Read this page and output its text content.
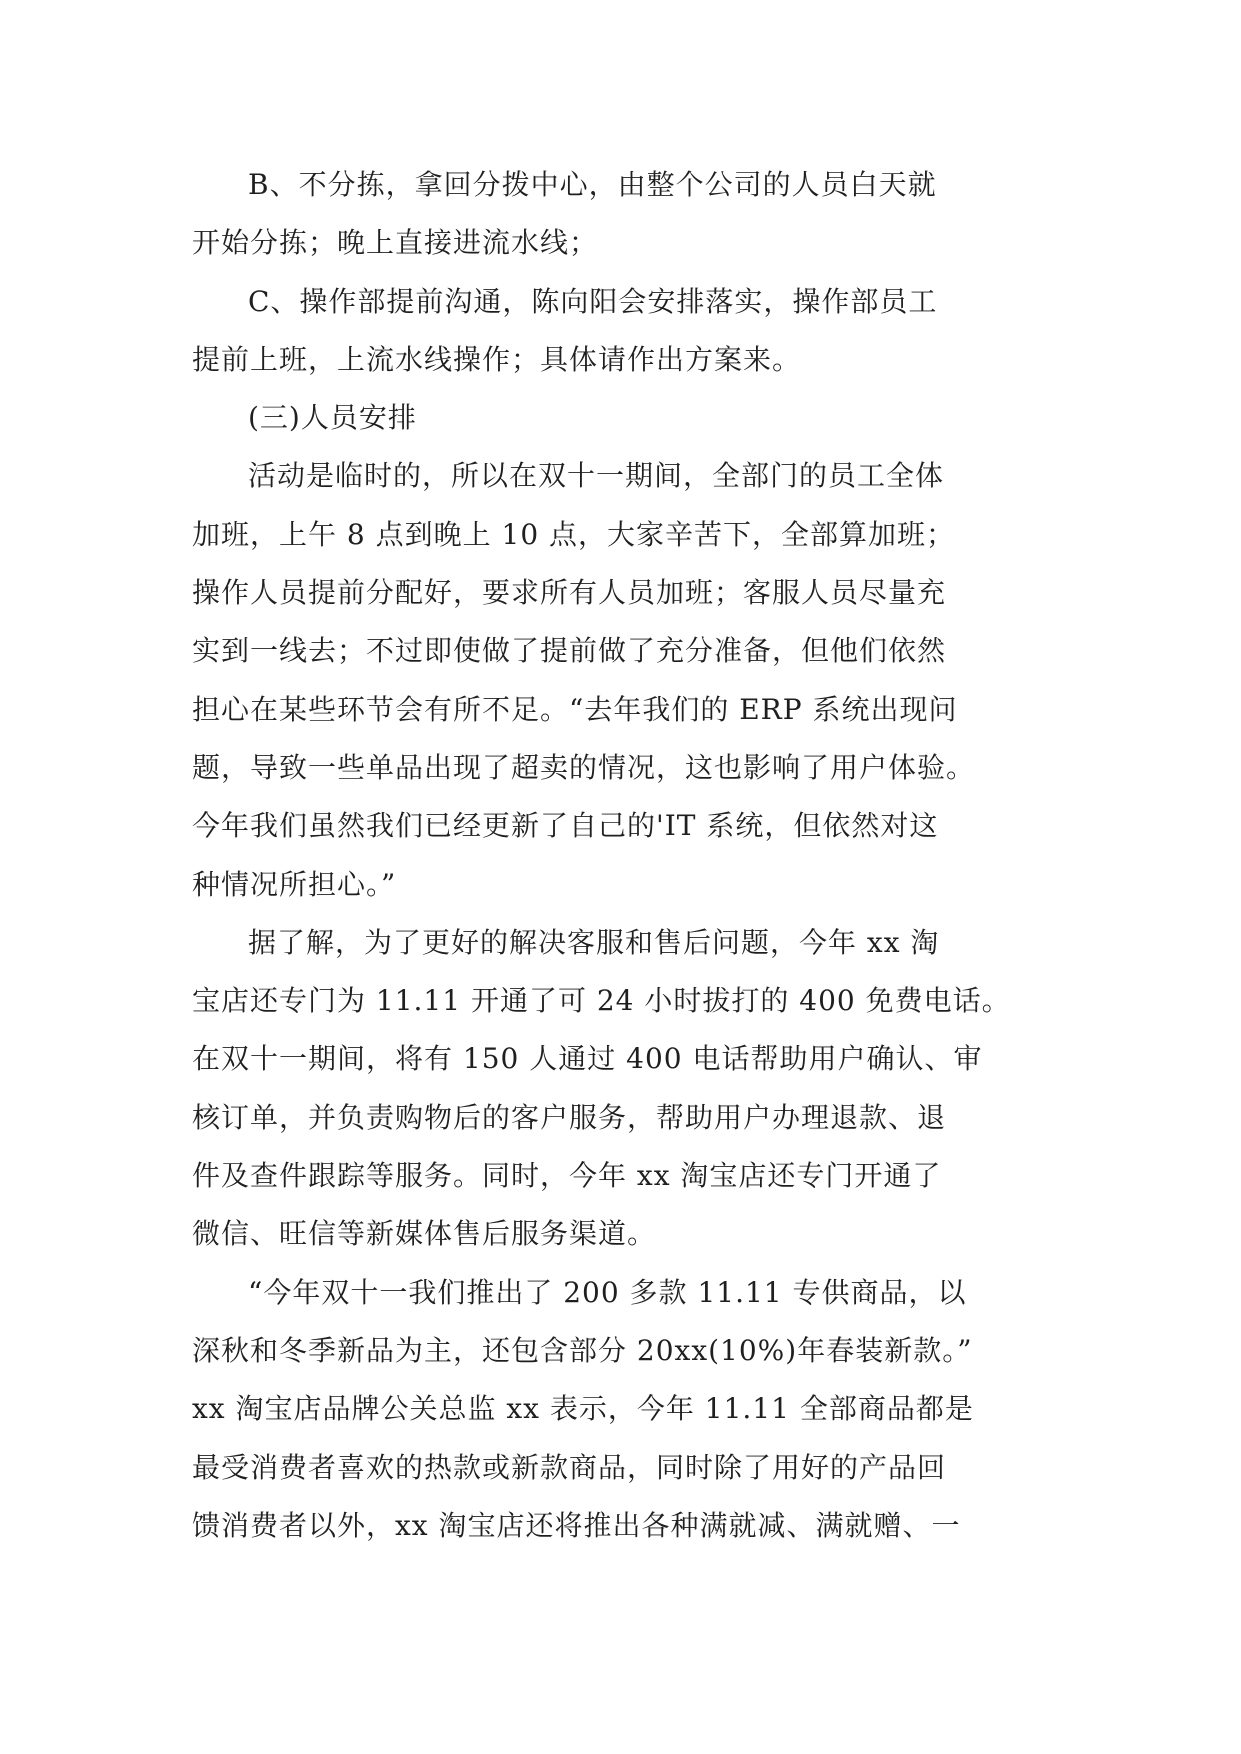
B、不分拣，拿回分拨中心，由整个公司的人员白天就
开始分拣；晚上直接进流水线；

C、操作部提前沟通，陈向阳会安排落实，操作部员工
提前上班，上流水线操作；具体请作出方案来。

(三)人员安排

活动是临时的，所以在双十一期间，全部门的员工全体
加班，上午 8 点到晚上 10 点，大家辛苦下，全部算加班；
操作人员提前分配好，要求所有人员加班；客服人员尽量充
实到一线去；不过即使做了提前做了充分准备，但他们依然
担心在某些环节会有所不足。“去年我们的 ERP 系统出现问
题，导致一些单品出现了超卖的情况，这也影响了用户体验。
今年我们虽然我们已经更新了自己的'IT 系统，但依然对这
种情况所担心。”

据了解，为了更好的解决客服和售后问题，今年 xx 淘
宝店还专门为 11.11 开通了可 24 小时拔打的 400 免费电话。
在双十一期间，将有 150 人通过 400 电话帮助用户确认、审
核订单，并负责购物后的客户服务，帮助用户办理退款、退
件及查件跟踪等服务。同时，今年 xx 淘宝店还专门开通了
微信、旺信等新媒体售后服务渠道。

“今年双十一我们推出了 200 多款 11.11 专供商品，以
深秋和冬季新品为主，还包含部分 20xx(10%)年春装新款。”
xx 淘宝店品牌公关总监 xx 表示，今年 11.11 全部商品都是
最受消费者喜欢的热款或新款商品，同时除了用好的产品回
馈消费者以外，xx 淘宝店还将推出各种满就减、满就赠、一
